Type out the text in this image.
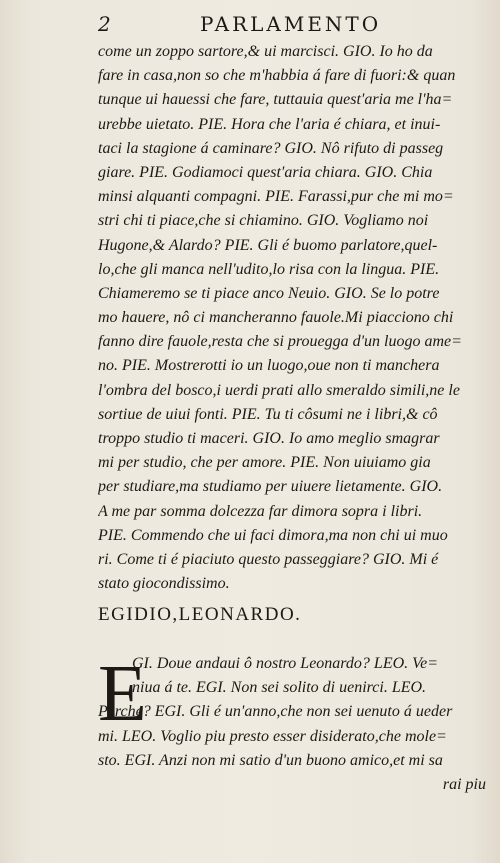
2	PARLAMENTO
come un zoppo sartore,& ui marcisci. GIO. Io ho da
fare in casa,non so che m'habbia á fare di fuori:& quan
tunque ui hauessi che fare, tuttauia quest'aria me l'ha=
urebbe uietato. PIE. Hora che l'aria é chiara, et inui-
taci la stagione á caminare? GIO. Nô rifuto di passeg
giare. PIE. Godiamoci quest'aria chiara. GIO. Chia
minsi alquanti compagni. PIE. Farassi,pur che mi mo=
stri chi ti piace,che si chiamino. GIO. Vogliamo noi
Hugone,& Alardo? PIE. Gli é buomo parlatore,quel-
lo,che gli manca nell'udito,lo risa con la lingua. PIE.
Chiameremo se ti piace anco Neuio. GIO. Se lo potre
mo hauere, nô ci mancheranno fauole.Mi piacciono chi
fanno dire fauole,resta che si prouegga d'un luogo ame=
no. PIE. Mostrerotti io un luogo,oue non ti manchera
l'ombra del bosco,i uerdi prati allo smeraldo simili,ne le
sortiue de uiui fonti. PIE. Tu ti côsumi ne i libri,& cô
troppo studio ti maceri. GIO. Io amo meglio smagrar
mi per studio, che per amore. PIE. Non uiuiamo gia
per studiare,ma studiamo per uiuere lietamente. GIO.
A me par somma dolcezza far dimora sopra i libri.
PIE. Commendo che ui faci dimora,ma non chi ui muo
ri. Come ti é piaciuto questo passeggiare? GIO. Mi é
stato giocondissimo.
EGIDIO,LEONARDO.
E
GI. Doue andaui ô nostro Leonardo? LEO. Ve=
niua á te. EGI. Non sei solito di uenirci. LEO.
Perche? EGI. Gli é un'anno,che non sei uenuto á ueder
mi. LEO. Voglio piu presto esser disiderato,che mole=
sto. EGI. Anzi non mi satio d'un buono amico,et mi sa
rai piu
